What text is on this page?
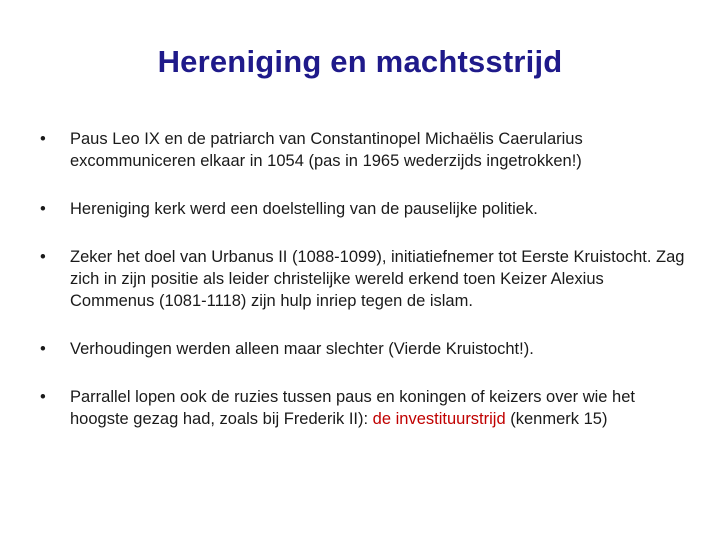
Hereniging en machtsstrijd
• Paus Leo IX en de patriarch van Constantinopel Michaëlis Caerularius excommuniceren elkaar in 1054 (pas in 1965 wederzijds ingetrokken!)
• Hereniging kerk werd een doelstelling van de pauselijke politiek.
• Zeker het doel van Urbanus II (1088-1099), initiatiefnemer tot Eerste Kruistocht. Zag zich in zijn positie als leider christelijke wereld erkend toen Keizer Alexius Commenus (1081-1118) zijn hulp inriep tegen de islam.
• Verhoudingen werden alleen maar slechter (Vierde Kruistocht!).
• Parrallel lopen ook de ruzies tussen paus en koningen of keizers over wie het hoogste gezag had, zoals bij Frederik II): de investituurstrijd (kenmerk 15)
